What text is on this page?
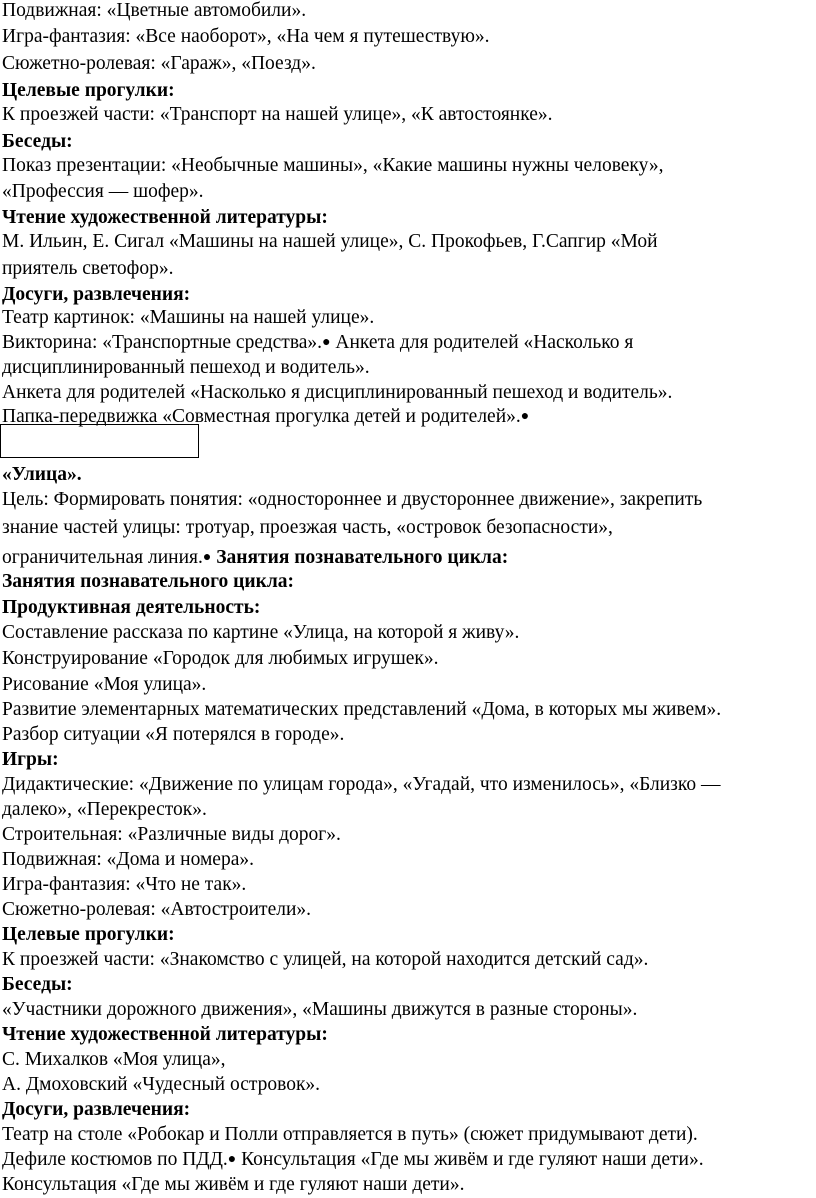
Подвижная: «Цветные автомобили».
Игра-фантазия: «Все наоборот», «На чем я путешествую».
Сюжетно-ролевая: «Гараж», «Поезд».
Целевые прогулки:
К проезжей части: «Транспорт на нашей улице», «К автостоянке».
Беседы:
Показ презентации: «Необычные машины», «Какие машины нужны человеку»,
«Профессия — шофер».
Чтение художественной литературы:
М. Ильин, Е. Сигал «Машины на нашей улице», С. Прокофьев, Г.Сапгир «Мой
приятель светофор».
Досуги, развлечения:
Театр картинок: «Машины на нашей улице».
Викторина: «Транспортные средства».● Анкета для родителей «Насколько я
дисциплинированный пешеход и водитель».
Анкета для родителей «Насколько я дисциплинированный пешеход и водитель».
Папка-передвижка «Совместная прогулка детей и родителей».●
«Улица».
Цель: Формировать понятия: «одностороннее и двустороннее движение», закрепить
знание частей улицы: тротуар, проезжая часть, «островок безопасности»,
ограничительная линия.● Занятия познавательного цикла:
Занятия познавательного цикла:
Продуктивная деятельность:
Составление рассказа по картине «Улица, на которой я живу».
Конструирование «Городок для любимых игрушек».
Рисование «Моя улица».
Развитие элементарных математических представлений «Дома, в которых мы живем».
Разбор ситуации «Я потерялся в городе».
Игры:
Дидактические: «Движение по улицам города», «Угадай, что изменилось», «Близко —
далеко», «Перекресток».
Строительная: «Различные виды дорог».
Подвижная: «Дома и номера».
Игра-фантазия: «Что не так».
Сюжетно-ролевая: «Автостроители».
Целевые прогулки:
К проезжей части: «Знакомство с улицей, на которой находится детский сад».
Беседы:
«Участники дорожного движения», «Машины движутся в разные стороны».
Чтение художественной литературы:
С. Михалков «Моя улица»,
А. Дмоховский «Чудесный островок».
Досуги, развлечения:
Театр на столе «Робокар и Полли отправляется в путь» (сюжет придумывают дети).
Дефиле костюмов по ПДД.● Консультация «Где мы живём и где гуляют наши дети».
Консультация «Где мы живём и где гуляют наши дети».
